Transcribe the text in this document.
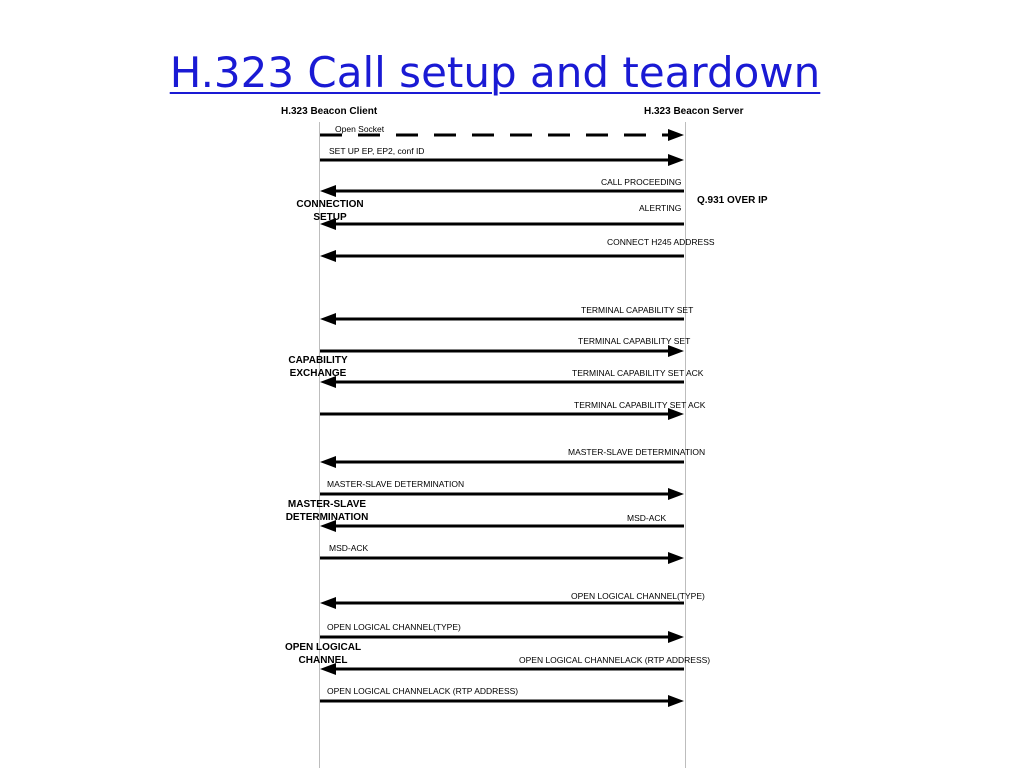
H.323 Call setup and teardown
H.323 Beacon Client	H.323 Beacon Server
Open Socket
SET UP EP, EP2, conf ID
CALL PROCEEDING
ALERTING
CONNECT H245 ADDRESS
TERMINAL CAPABILITY SET
TERMINAL CAPABILITY SET
TERMINAL CAPABILITY SET ACK
TERMINAL CAPABILITY SET ACK
MASTER-SLAVE DETERMINATION
MASTER-SLAVE DETERMINATION
MSD-ACK
MSD-ACK
OPEN LOGICAL CHANNEL(TYPE)
OPEN LOGICAL CHANNEL(TYPE)
OPEN LOGICAL CHANNELACK (RTP ADDRESS)
OPEN LOGICAL CHANNELACK (RTP ADDRESS)
CONNECTION
SETUP
Q.931 OVER IP
CAPABILITY
EXCHANGE
MASTER-SLAVE
DETERMINATION
OPEN LOGICAL
CHANNEL
